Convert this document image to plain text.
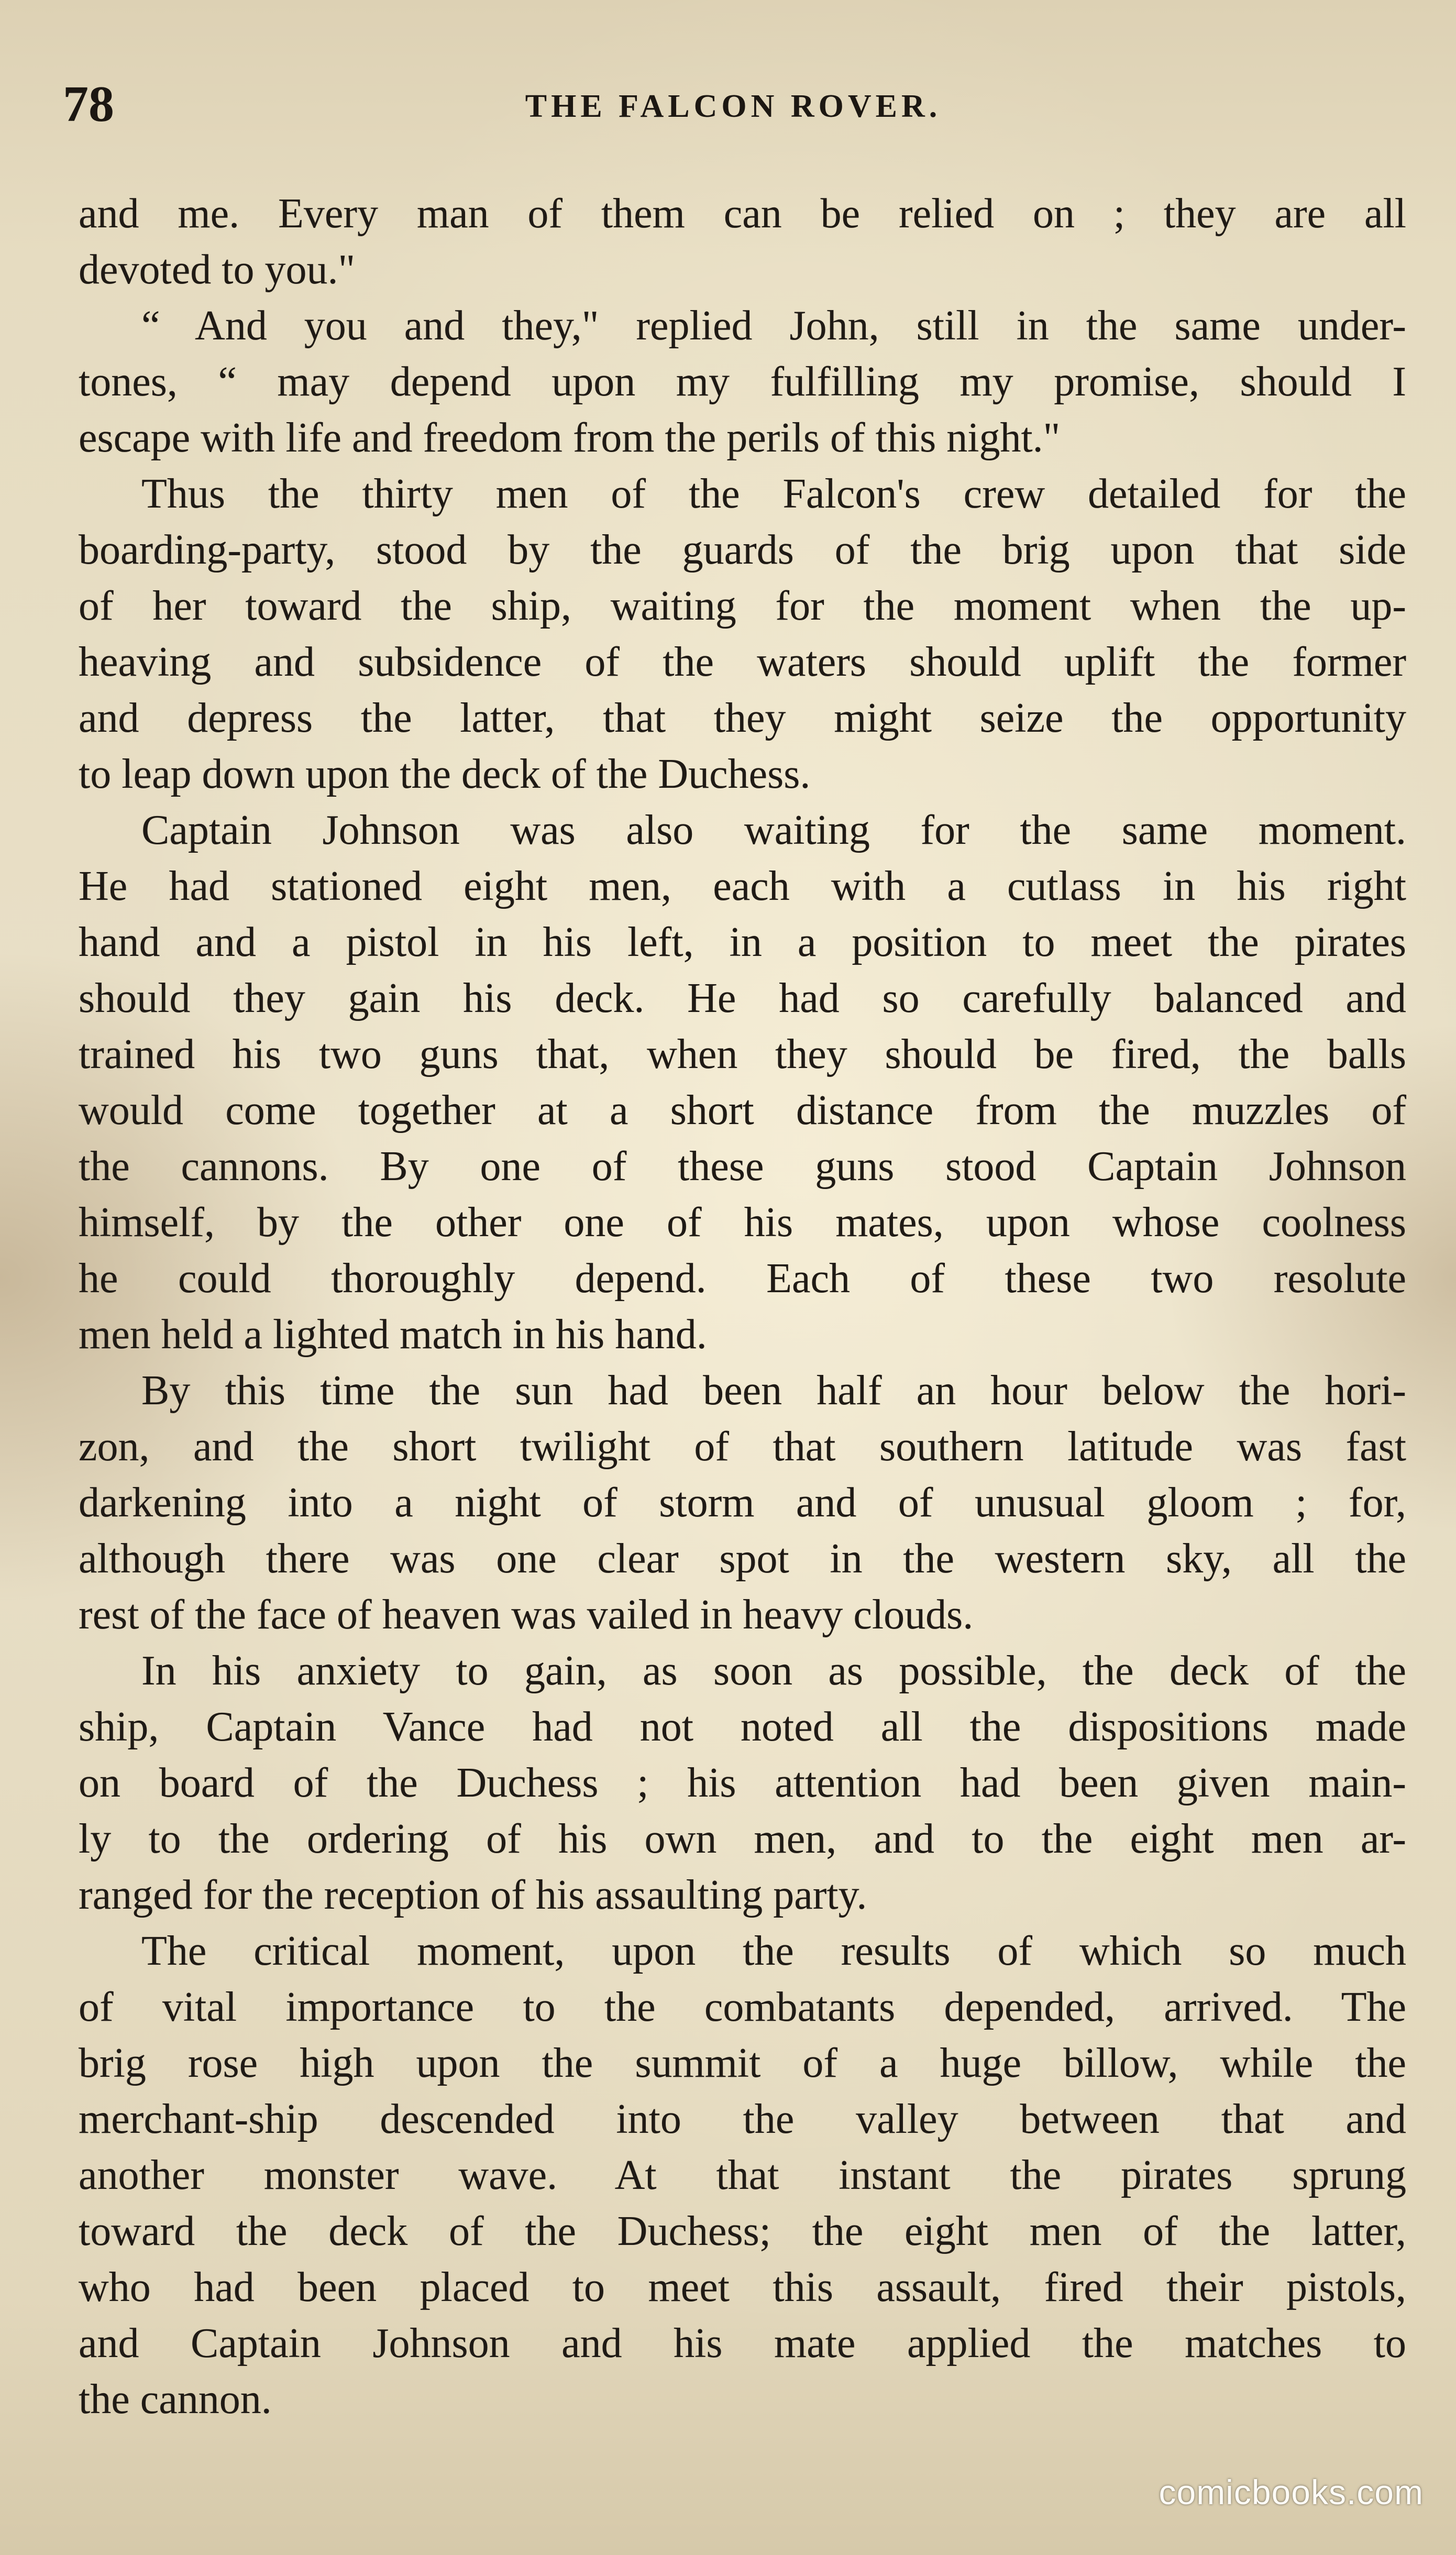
78	THE FALCON ROVER.
and me. Every man of them can be relied on ; they are all
devoted to you."
“ And you and they," replied John, still in the same under-
tones, “ may depend upon my fulfilling my promise, should I
escape with life and freedom from the perils of this night."
Thus the thirty men of the Falcon's crew detailed for the
boarding-party, stood by the guards of the brig upon that side
of her toward the ship, waiting for the moment when the up-
heaving and subsidence of the waters should uplift the former
and depress the latter, that they might seize the opportunity
to leap down upon the deck of the Duchess.
Captain Johnson was also waiting for the same moment.
He had stationed eight men, each with a cutlass in his right
hand and a pistol in his left, in a position to meet the pirates
should they gain his deck. He had so carefully balanced and
trained his two guns that, when they should be fired, the balls
would come together at a short distance from the muzzles of
the cannons. By one of these guns stood Captain Johnson
himself, by the other one of his mates, upon whose coolness
he could thoroughly depend. Each of these two resolute
men held a lighted match in his hand.
By this time the sun had been half an hour below the hori-
zon, and the short twilight of that southern latitude was fast
darkening into a night of storm and of unusual gloom ; for,
although there was one clear spot in the western sky, all the
rest of the face of heaven was vailed in heavy clouds.
In his anxiety to gain, as soon as possible, the deck of the
ship, Captain Vance had not noted all the dispositions made
on board of the Duchess ; his attention had been given main-
ly to the ordering of his own men, and to the eight men ar-
ranged for the reception of his assaulting party.
The critical moment, upon the results of which so much
of vital importance to the combatants depended, arrived. The
brig rose high upon the summit of a huge billow, while the
merchant-ship descended into the valley between that and
another monster wave. At that instant the pirates sprung
toward the deck of the Duchess; the eight men of the latter,
who had been placed to meet this assault, fired their pistols,
and Captain Johnson and his mate applied the matches to
the cannon.
comicbooks.com
